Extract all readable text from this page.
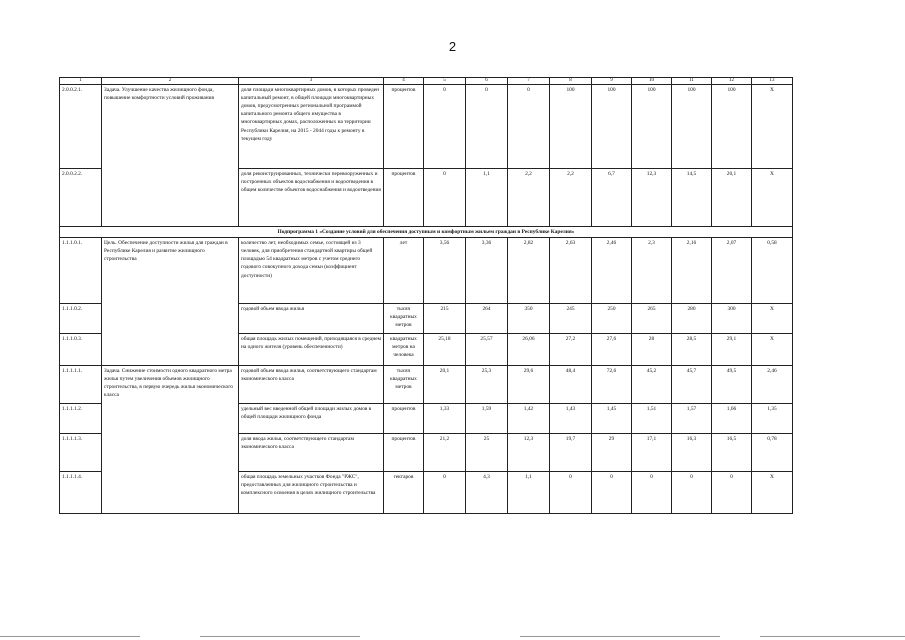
2
1	2	3	4	5	6	7	8	9	10	11	12	13
2.0.0.2.1.	Задача. Улучшение качества жилищного фонда, повышение комфортности условий проживания	доля площади многоквартирных домов, в которых проведен капитальный ремонт, в общей площади многоквартирных домов, предусмотренных региональной программой капитального ремонта общего имущества в многоквартирных домах, расположенных на территории Республики Карелия, на 2015 - 2044 годы к ремонту в текущем году	процентов	0	0	0	100	100	100	100	100	X
2.0.0.2.2.		доля реконструированных, технически перевооруженных и построенных объектов водоснабжения и водоотведения в общем количестве объектов водоснабжения и водоотведения	процентов	0	1,1	2,2	2,2	6,7	12,3	14,5	20,1	X
Подпрограмма 1 «Создание условий для обеспечения доступным и комфортным жильем граждан в Республике Карелия»												
1.1.1.0.1.	Цель. Обеспечение доступности жилья для граждан в Республике Карелия и развитие жилищного строительства	количество лет, необходимых семье, состоящей из 3 человек, для приобретения стандартной квартиры общей площадью 54 квадратных метров с учетом среднего годового совокупного дохода семьи (коэффициент доступности)	лет	3,56	3,36	2,82	2,63	2,46	2,3	2,16	2,07	0,58
1.1.1.0.2.		годовой объем ввода жилья	тысяч квадратных метров	215	264	350	245	250	265	280	300	X
1.1.1.0.3.		общая площадь жилых помещений, приходящаяся в среднем на одного жителя (уровень обеспеченности)	квадратных метров на человека	25,18	25,57	26,06	27,2	27,6	28	28,5	29,1	X
1.1.1.1.1.	Задача. Снижение стоимости одного квадратного метра жилья путем увеличения объемов жилищного строительства, в первую очередь жилья экономического класса	годовой объем ввода жилья, соответствующего стандартам экономического класса	тысяч квадратных метров	20,1	25,3	29,6	48,4	72,6	45,2	45,7	49,5	2,46
1.1.1.1.2.		удельный вес введенной общей площади жилых домов в общей площади жилищного фонда	процентов	1,33	1,59	1,42	1,43	1,45	1,51	1,57	1,66	1,35
1.1.1.1.3.		доля ввода жилья, соответствующего стандартам экономического класса	процентов	21,2	25	12,3	19,7	29	17,1	16,3	16,5	0,78
1.1.1.1.4.		общая площадь земельных участков Фонда "РЖС", предоставленных для жилищного строительства и комплексного освоения в целях жилищного строительства	гектаров	0	4,3	1,1	0	0	0	0	0	X
